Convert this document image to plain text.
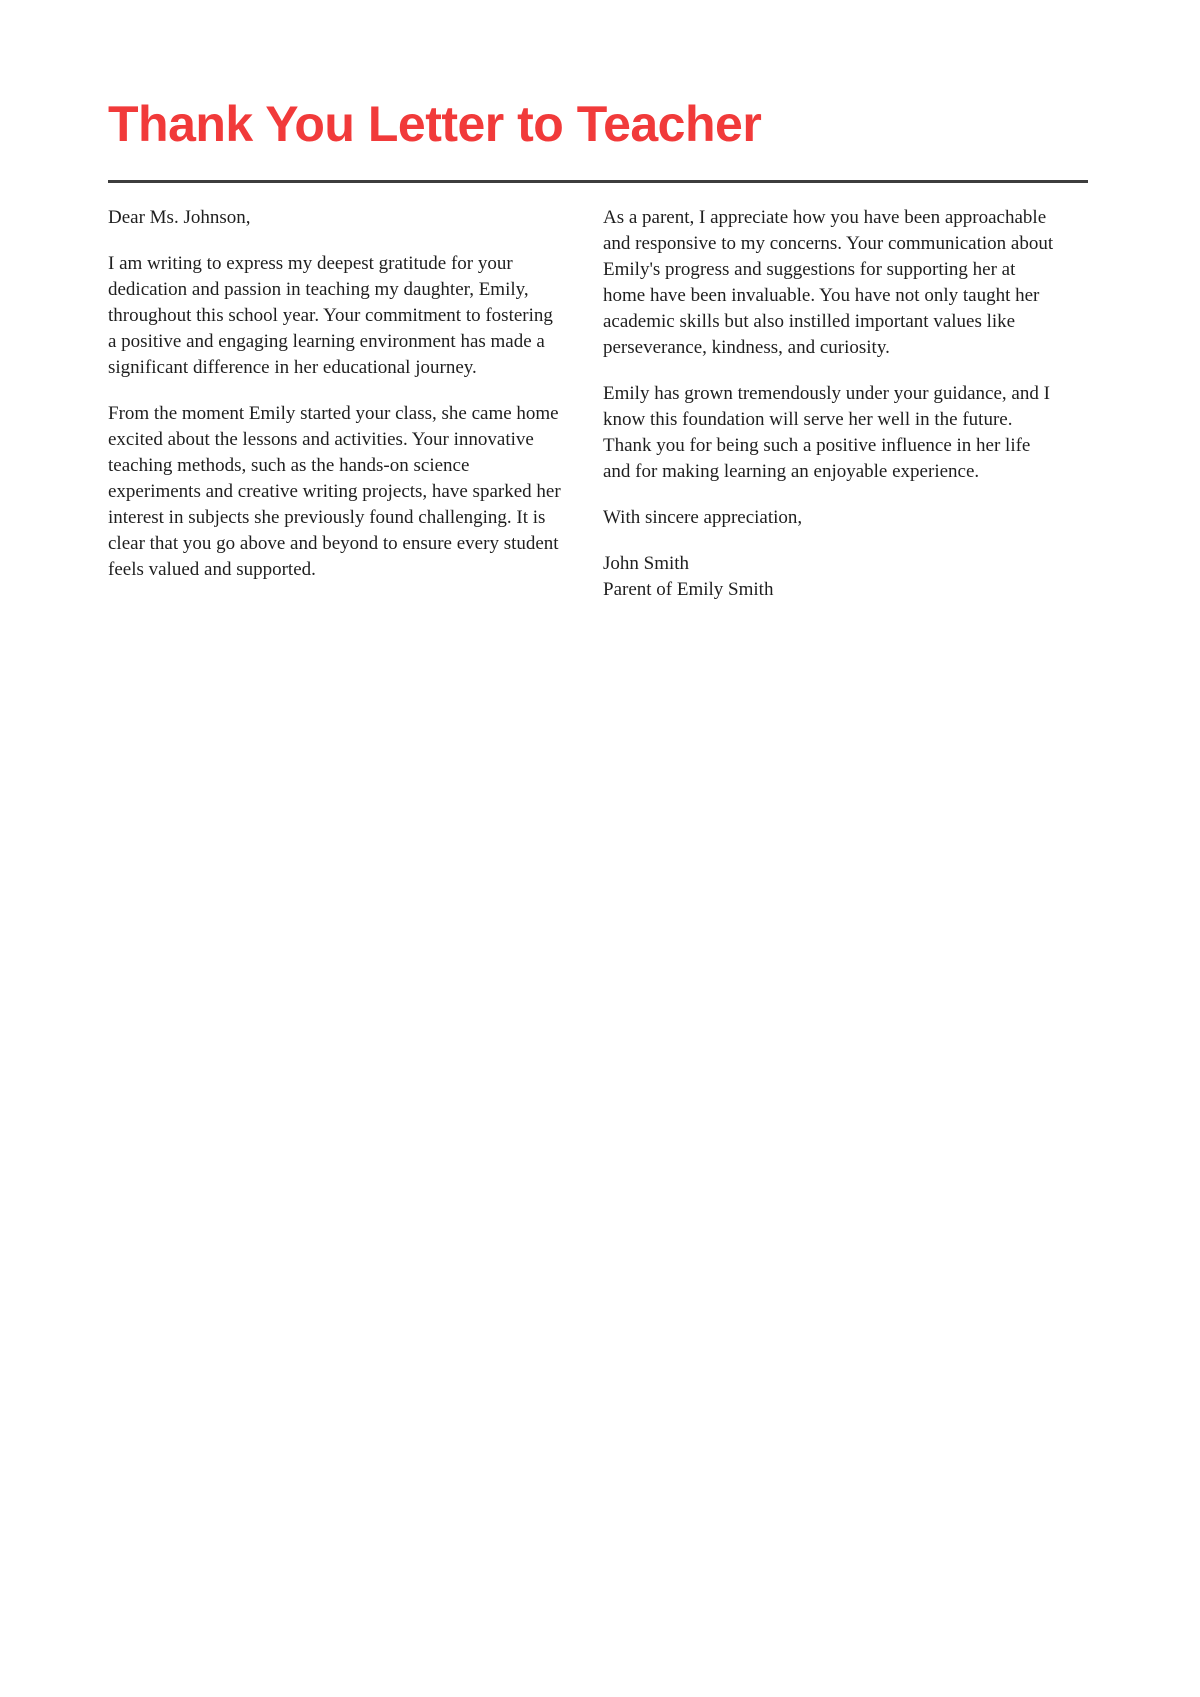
Thank You Letter to Teacher

Dear Ms. Johnson,

I am writing to express my deepest gratitude for your dedication and passion in teaching my daughter, Emily, throughout this school year. Your commitment to fostering a positive and engaging learning environment has made a significant difference in her educational journey.

From the moment Emily started your class, she came home excited about the lessons and activities. Your innovative teaching methods, such as the hands-on science experiments and creative writing projects, have sparked her interest in subjects she previously found challenging. It is clear that you go above and beyond to ensure every student feels valued and supported.

As a parent, I appreciate how you have been approachable and responsive to my concerns. Your communication about Emily's progress and suggestions for supporting her at home have been invaluable. You have not only taught her academic skills but also instilled important values like perseverance, kindness, and curiosity.

Emily has grown tremendously under your guidance, and I know this foundation will serve her well in the future. Thank you for being such a positive influence in her life and for making learning an enjoyable experience.

With sincere appreciation,

John Smith

Parent of Emily Smith
